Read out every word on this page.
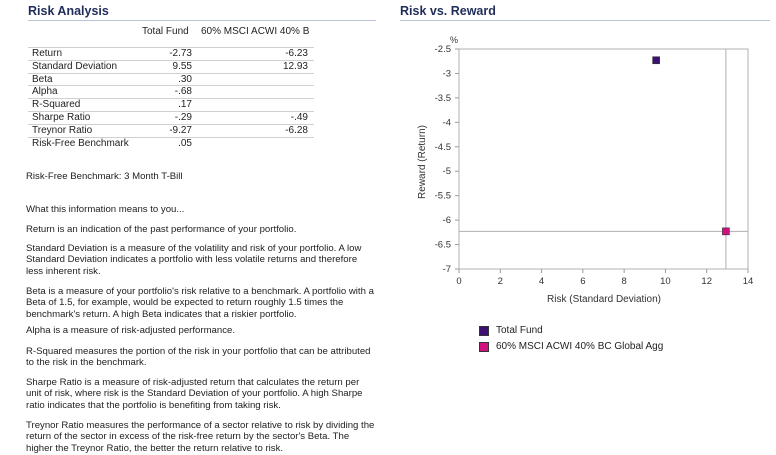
Risk Analysis
Total Fund 60% MSCI ACWI 40% B
Return	-2.73	-6.23
Standard Deviation	9.55	12.93
Beta	.30	
Alpha	-.68	
R-Squared	.17	
Sharpe Ratio	-.29	-.49
Treynor Ratio	-9.27	-6.28
Risk-Free Benchmark	.05	
Risk-Free Benchmark: 3 Month T-Bill
What this information means to you...
Return is an indication of the past performance of your portfolio.
Standard Deviation is a measure of the volatility and risk of your portfolio. A low Standard Deviation indicates a portfolio with less volatile returns and therefore less inherent risk.
Beta is a measure of your portfolio's risk relative to a benchmark. A portfolio with a Beta of 1.5, for example, would be expected to return roughly 1.5 times the benchmark's return. A high Beta indicates that a riskier portfolio.
Alpha is a measure of risk-adjusted performance.
R-Squared measures the portion of the risk in your portfolio that can be attributed to the risk in the benchmark.
Sharpe Ratio is a measure of risk-adjusted return that calculates the return per unit of risk, where risk is the Standard Deviation of your portfolio. A high Sharpe ratio indicates that the portfolio is benefiting from taking risk.
Treynor Ratio measures the performance of a sector relative to risk by dividing the return of the sector in excess of the risk-free return by the sector's Beta. The higher the Treynor Ratio, the better the return relative to risk.
Risk vs. Reward
-2.5
-3
-3.5
-4
-4.5
-5
-5.5
-6
-6.5
-7
0	2	4	6	8	10	12	14
%
Reward (Return)
Risk (Standard Deviation)
Total Fund
60% MSCI ACWI 40% BC Global Agg
